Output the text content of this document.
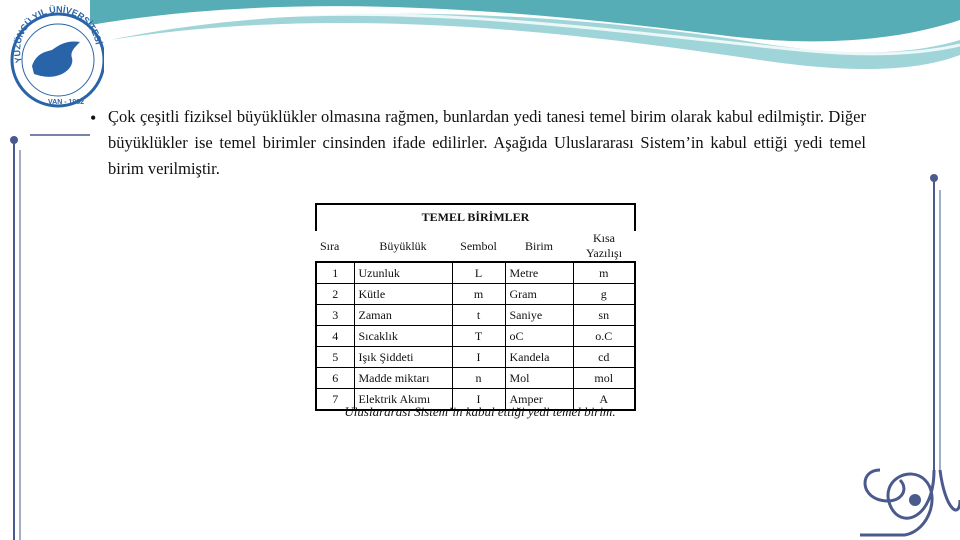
YÜZÜNCÜ YIL ÜNİVERSİTESİ
VAN - 1982
• Çok çeşitli fiziksel büyüklükler olmasına rağmen, bunlardan yedi tanesi temel birim olarak kabul edilmiştir. Diğer büyüklükler ise temel birimler cinsinden ifade edilirler. Aşağıda Uluslararası Sistem’in kabul ettiği yedi temel birim verilmiştir.
TEMEL BİRİMLER				
Sıra	Büyüklük	Sembol	Birim	Kısa Yazılışı
1	Uzunluk	L	Metre	m
2	Kütle	m	Gram	g
3	Zaman	t	Saniye	sn
4	Sıcaklık	T	oC	o.C
5	Işık Şiddeti	I	Kandela	cd
6	Madde miktarı	n	Mol	mol
7	Elektrik Akımı	I	Amper	A
Uluslararası Sistem’in kabul ettiği yedi temel birim.
